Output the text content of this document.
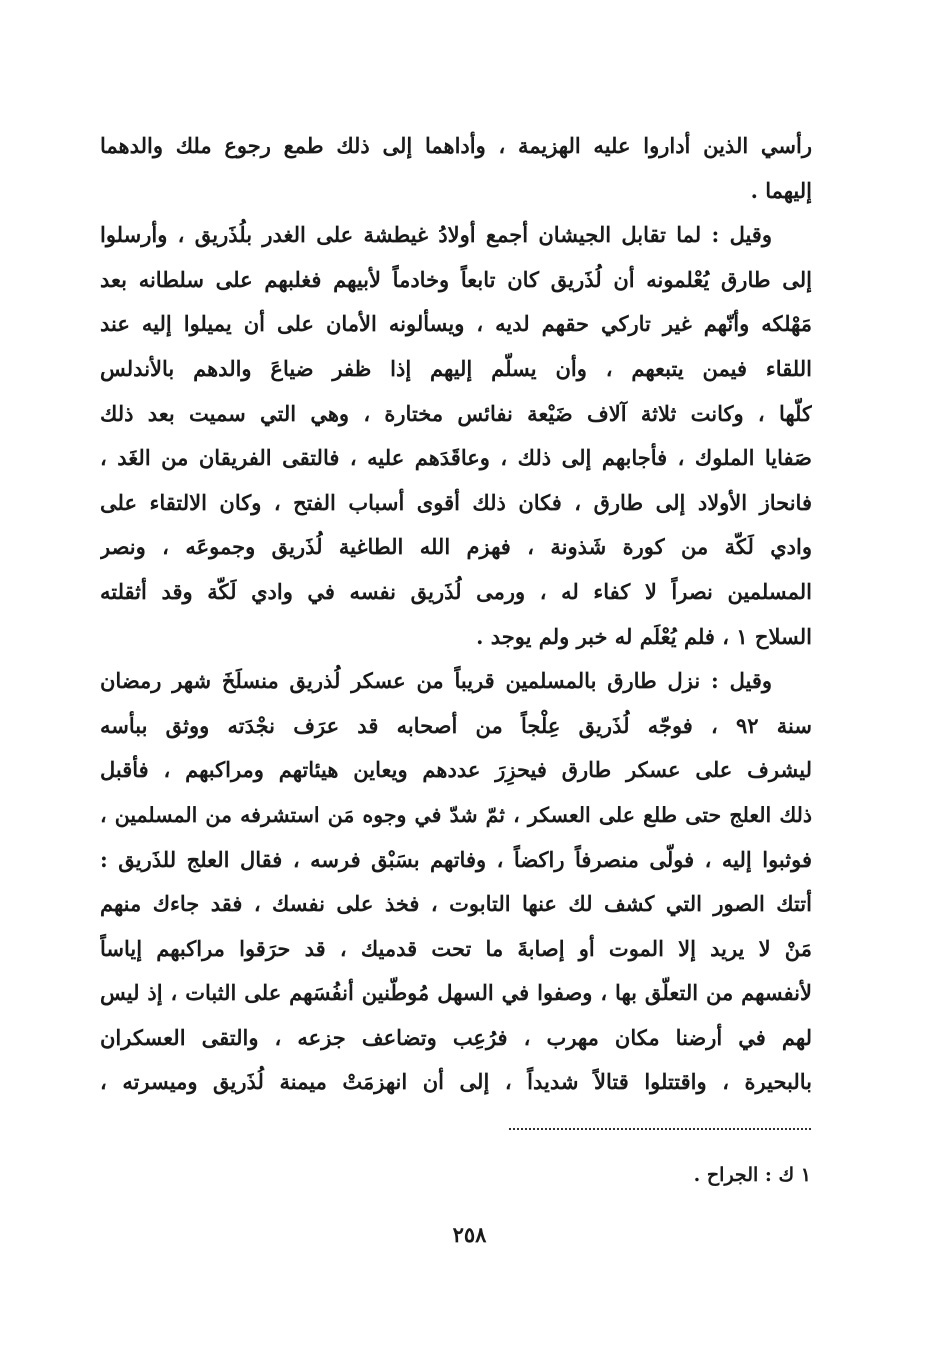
رأسي الذين أداروا عليه الهزيمة ، وأداهما إلى ذلك طمع رجوع ملك والدهما
إليهما .
وقيل : لما تقابل الجيشان أجمع أولادُ غيطشة على الغدر بلُذَريق ، وأرسلوا
إلى طارق يُعْلمونه أن لُذَريق كان تابعاً وخادماً لأبيهم فغلبهم على سلطانه بعد
مَهْلكه وأنّهم غير تاركي حقهم لديه ، ويسألونه الأمان على أن يميلوا إليه عند
اللقاء فيمن يتبعهم ، وأن يسلّم إليهم إذا ظفر ضياعَ والدهم بالأندلس
كلّها ، وكانت ثلاثة آلاف ضَيْعة نفائس مختارة ، وهي التي سميت بعد ذلك
صَفايا الملوك ، فأجابهم إلى ذلك ، وعاقَدَهم عليه ، فالتقى الفريقان من الغَد ،
فانحاز الأولاد إلى طارق ، فكان ذلك أقوى أسباب الفتح ، وكان الالتقاء على
وادي لَكّة من كورة شَذونة ، فهزم الله الطاغية لُذَريق وجموعَه ، ونصر
المسلمين نصراً لا كفاء له ، ورمى لُذَريق نفسه في وادي لَكّة وقد أثقلته
السلاح ١ ، فلم يُعْلَم له خبر ولم يوجد .
وقيل : نزل طارق بالمسلمين قريباً من عسكر لُذريق منسلَخَ شهر رمضان
سنة ٩٢ ، فوجّه لُذَريق عِلْجاً من أصحابه قد عرَف نجْدَته ووثق ببأسه
ليشرف على عسكر طارق فيحزِرَ عددهم ويعاين هيئاتهم ومراكبهم ، فأقبل
ذلك العلج حتى طلع على العسكر ، ثمّ شدّ في وجوه مَن استشرفه من المسلمين ،
فوثبوا إليه ، فولّى منصرفاً راكضاً ، وفاتهم بسَبْق فرسه ، فقال العلج للذَريق :
أتتك الصور التي كشف لك عنها التابوت ، فخذ على نفسك ، فقد جاءك منهم
مَنْ لا يريد إلا الموت أو إصابةَ ما تحت قدميك ، قد حرَقوا مراكبهم إياساً
لأنفسهم من التعلّق بها ، وصفوا في السهل مُوطّنين أنفُسَهم على الثبات ، إذ ليس
لهم في أرضنا مكان مهرب ، فرُعِب وتضاعف جزعه ، والتقى العسكران
بالبحيرة ، واقتتلوا قتالاً شديداً ، إلى أن انهزمَتْ ميمنة لُذَريق وميسرته ،
١ ك : الجراح .
٢٥٨
